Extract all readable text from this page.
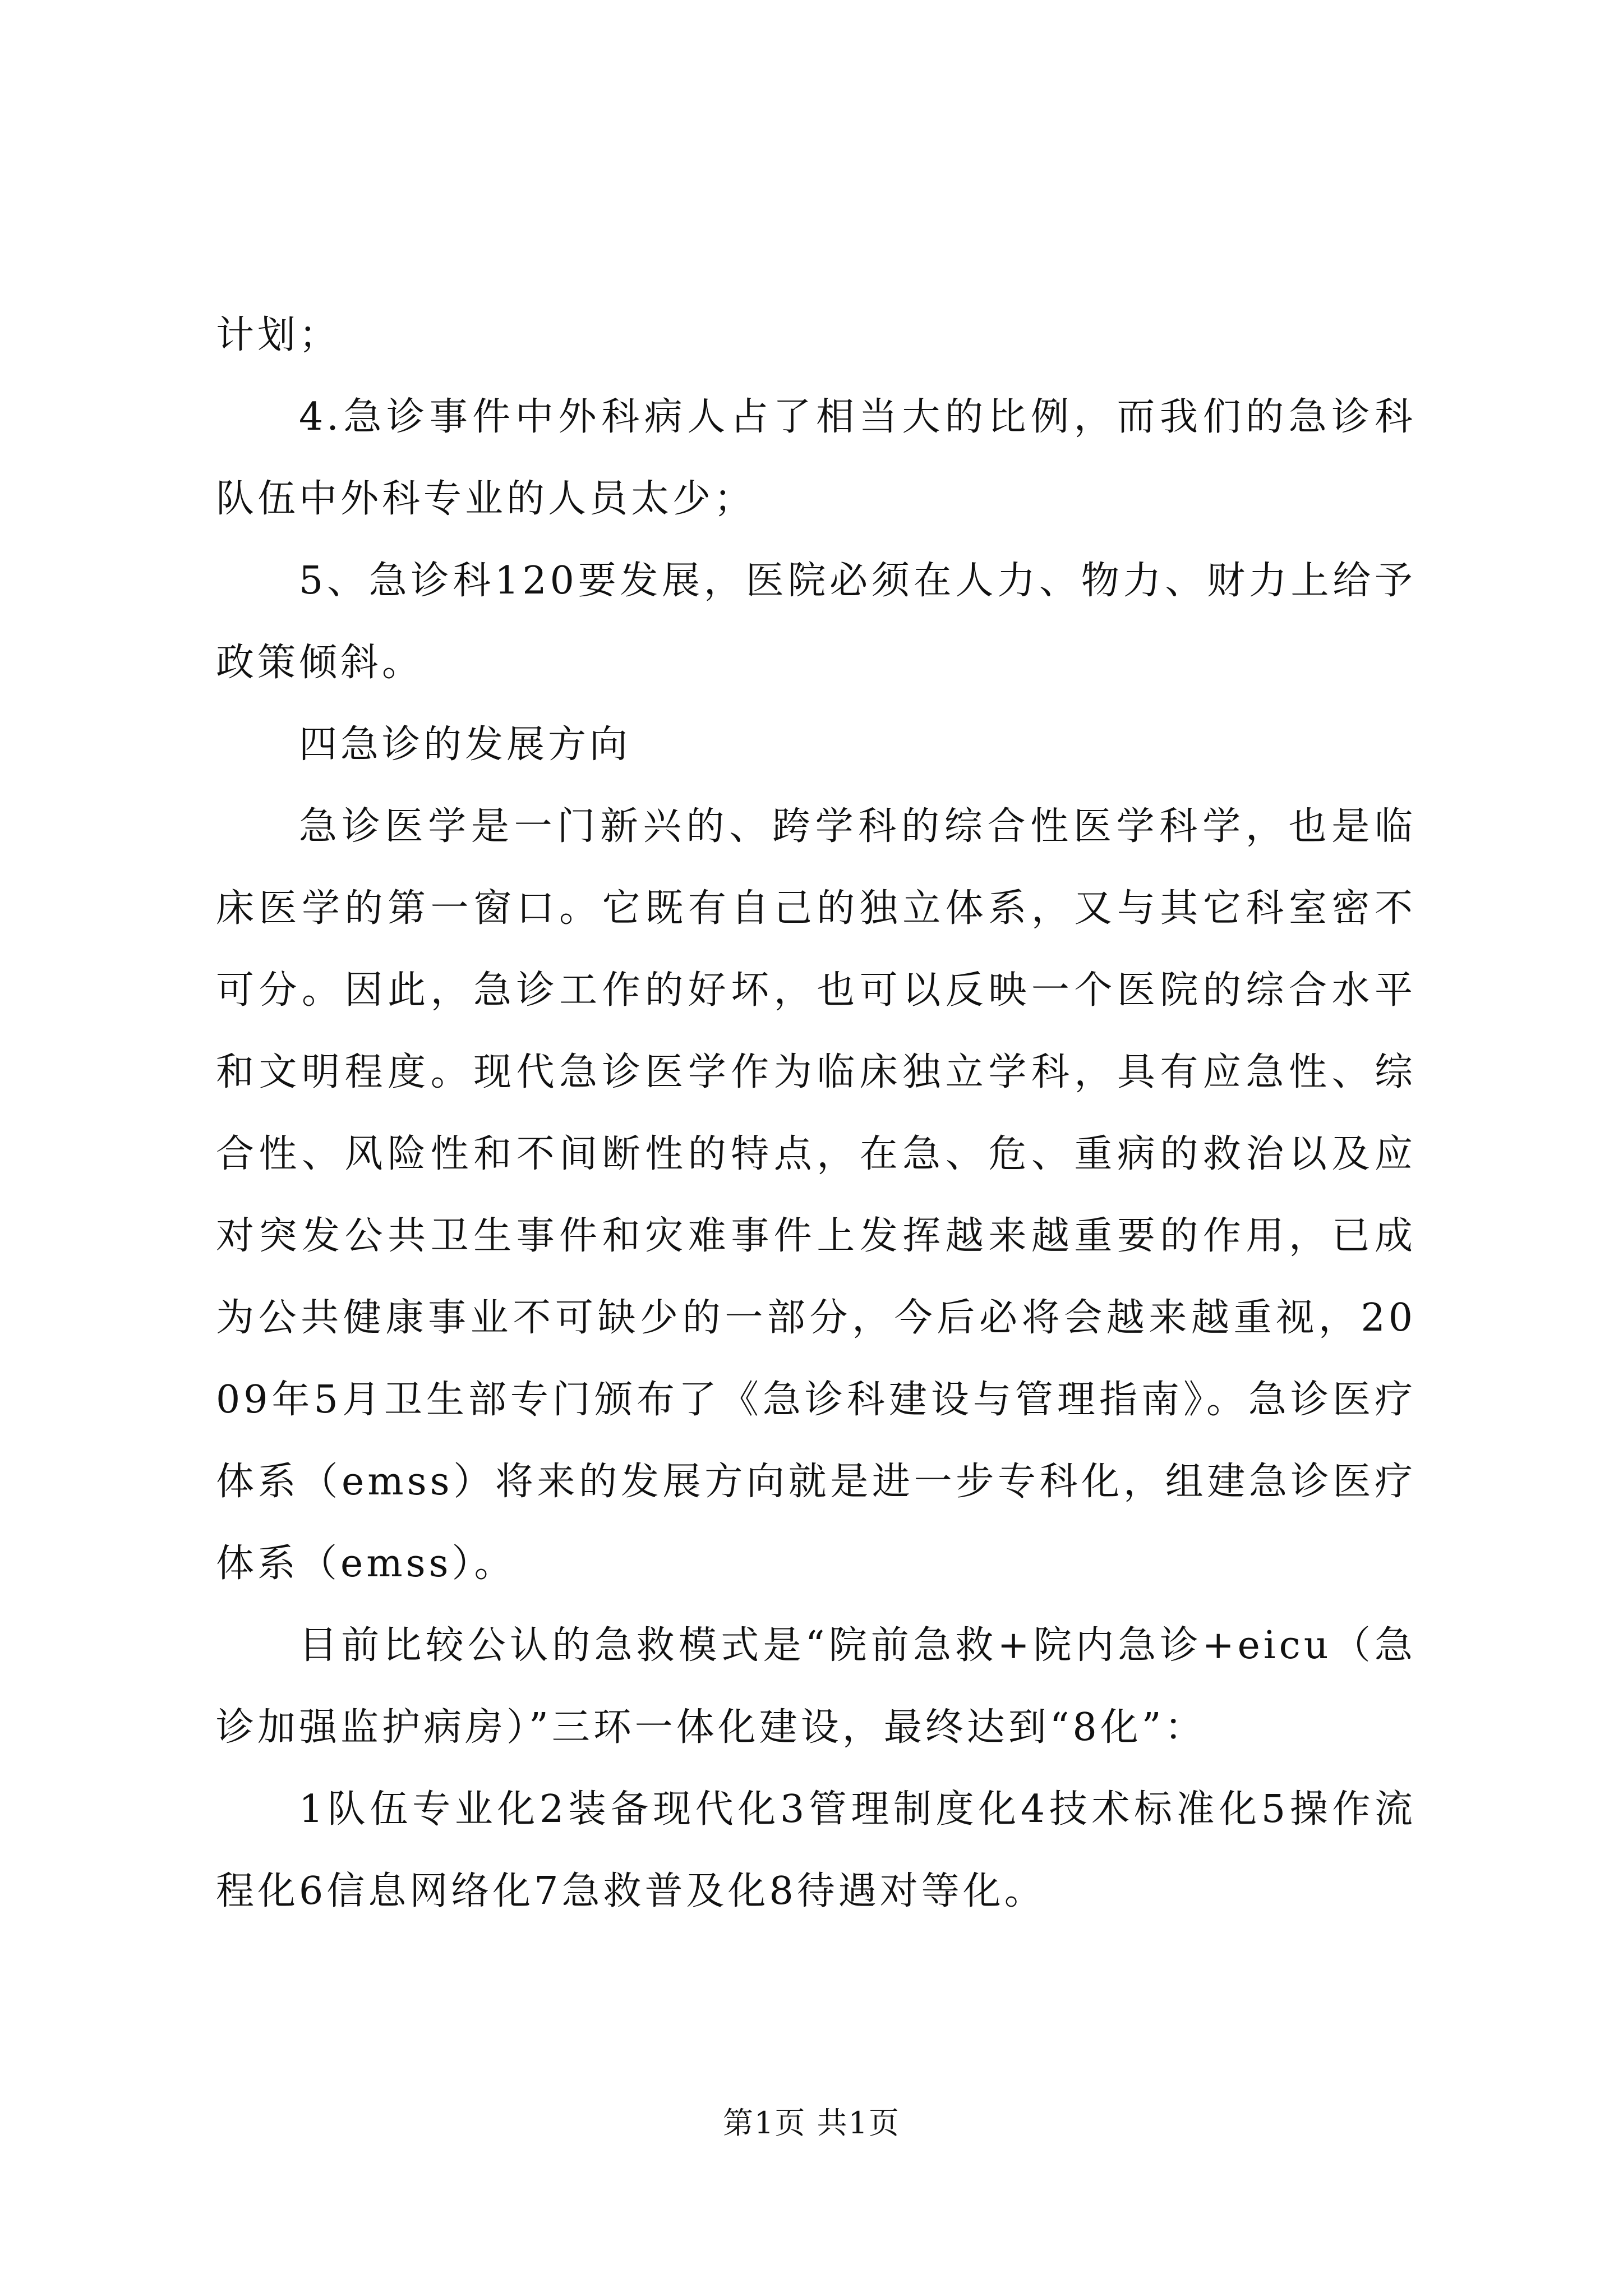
计划；

4.急诊事件中外科病人占了相当大的比例，而我们的急诊科队伍中外科专业的人员太少；

5、急诊科120要发展，医院必须在人力、物力、财力上给予政策倾斜。

四急诊的发展方向

急诊医学是一门新兴的、跨学科的综合性医学科学，也是临床医学的第一窗口。它既有自己的独立体系，又与其它科室密不可分。因此，急诊工作的好坏，也可以反映一个医院的综合水平和文明程度。现代急诊医学作为临床独立学科，具有应急性、综合性、风险性和不间断性的特点，在急、危、重病的救治以及应对突发公共卫生事件和灾难事件上发挥越来越重要的作用，已成为公共健康事业不可缺少的一部分，今后必将会越来越重视，2009年5月卫生部专门颁布了《急诊科建设与管理指南》。急诊医疗体系（emss）将来的发展方向就是进一步专科化，组建急诊医疗体系（emss）。

目前比较公认的急救模式是“院前急救+院内急诊+eicu（急诊加强监护病房）”三环一体化建设，最终达到“8化”：

1队伍专业化2装备现代化3管理制度化4技术标准化5操作流程化6信息网络化7急救普及化8待遇对等化。

第1页 共1页
